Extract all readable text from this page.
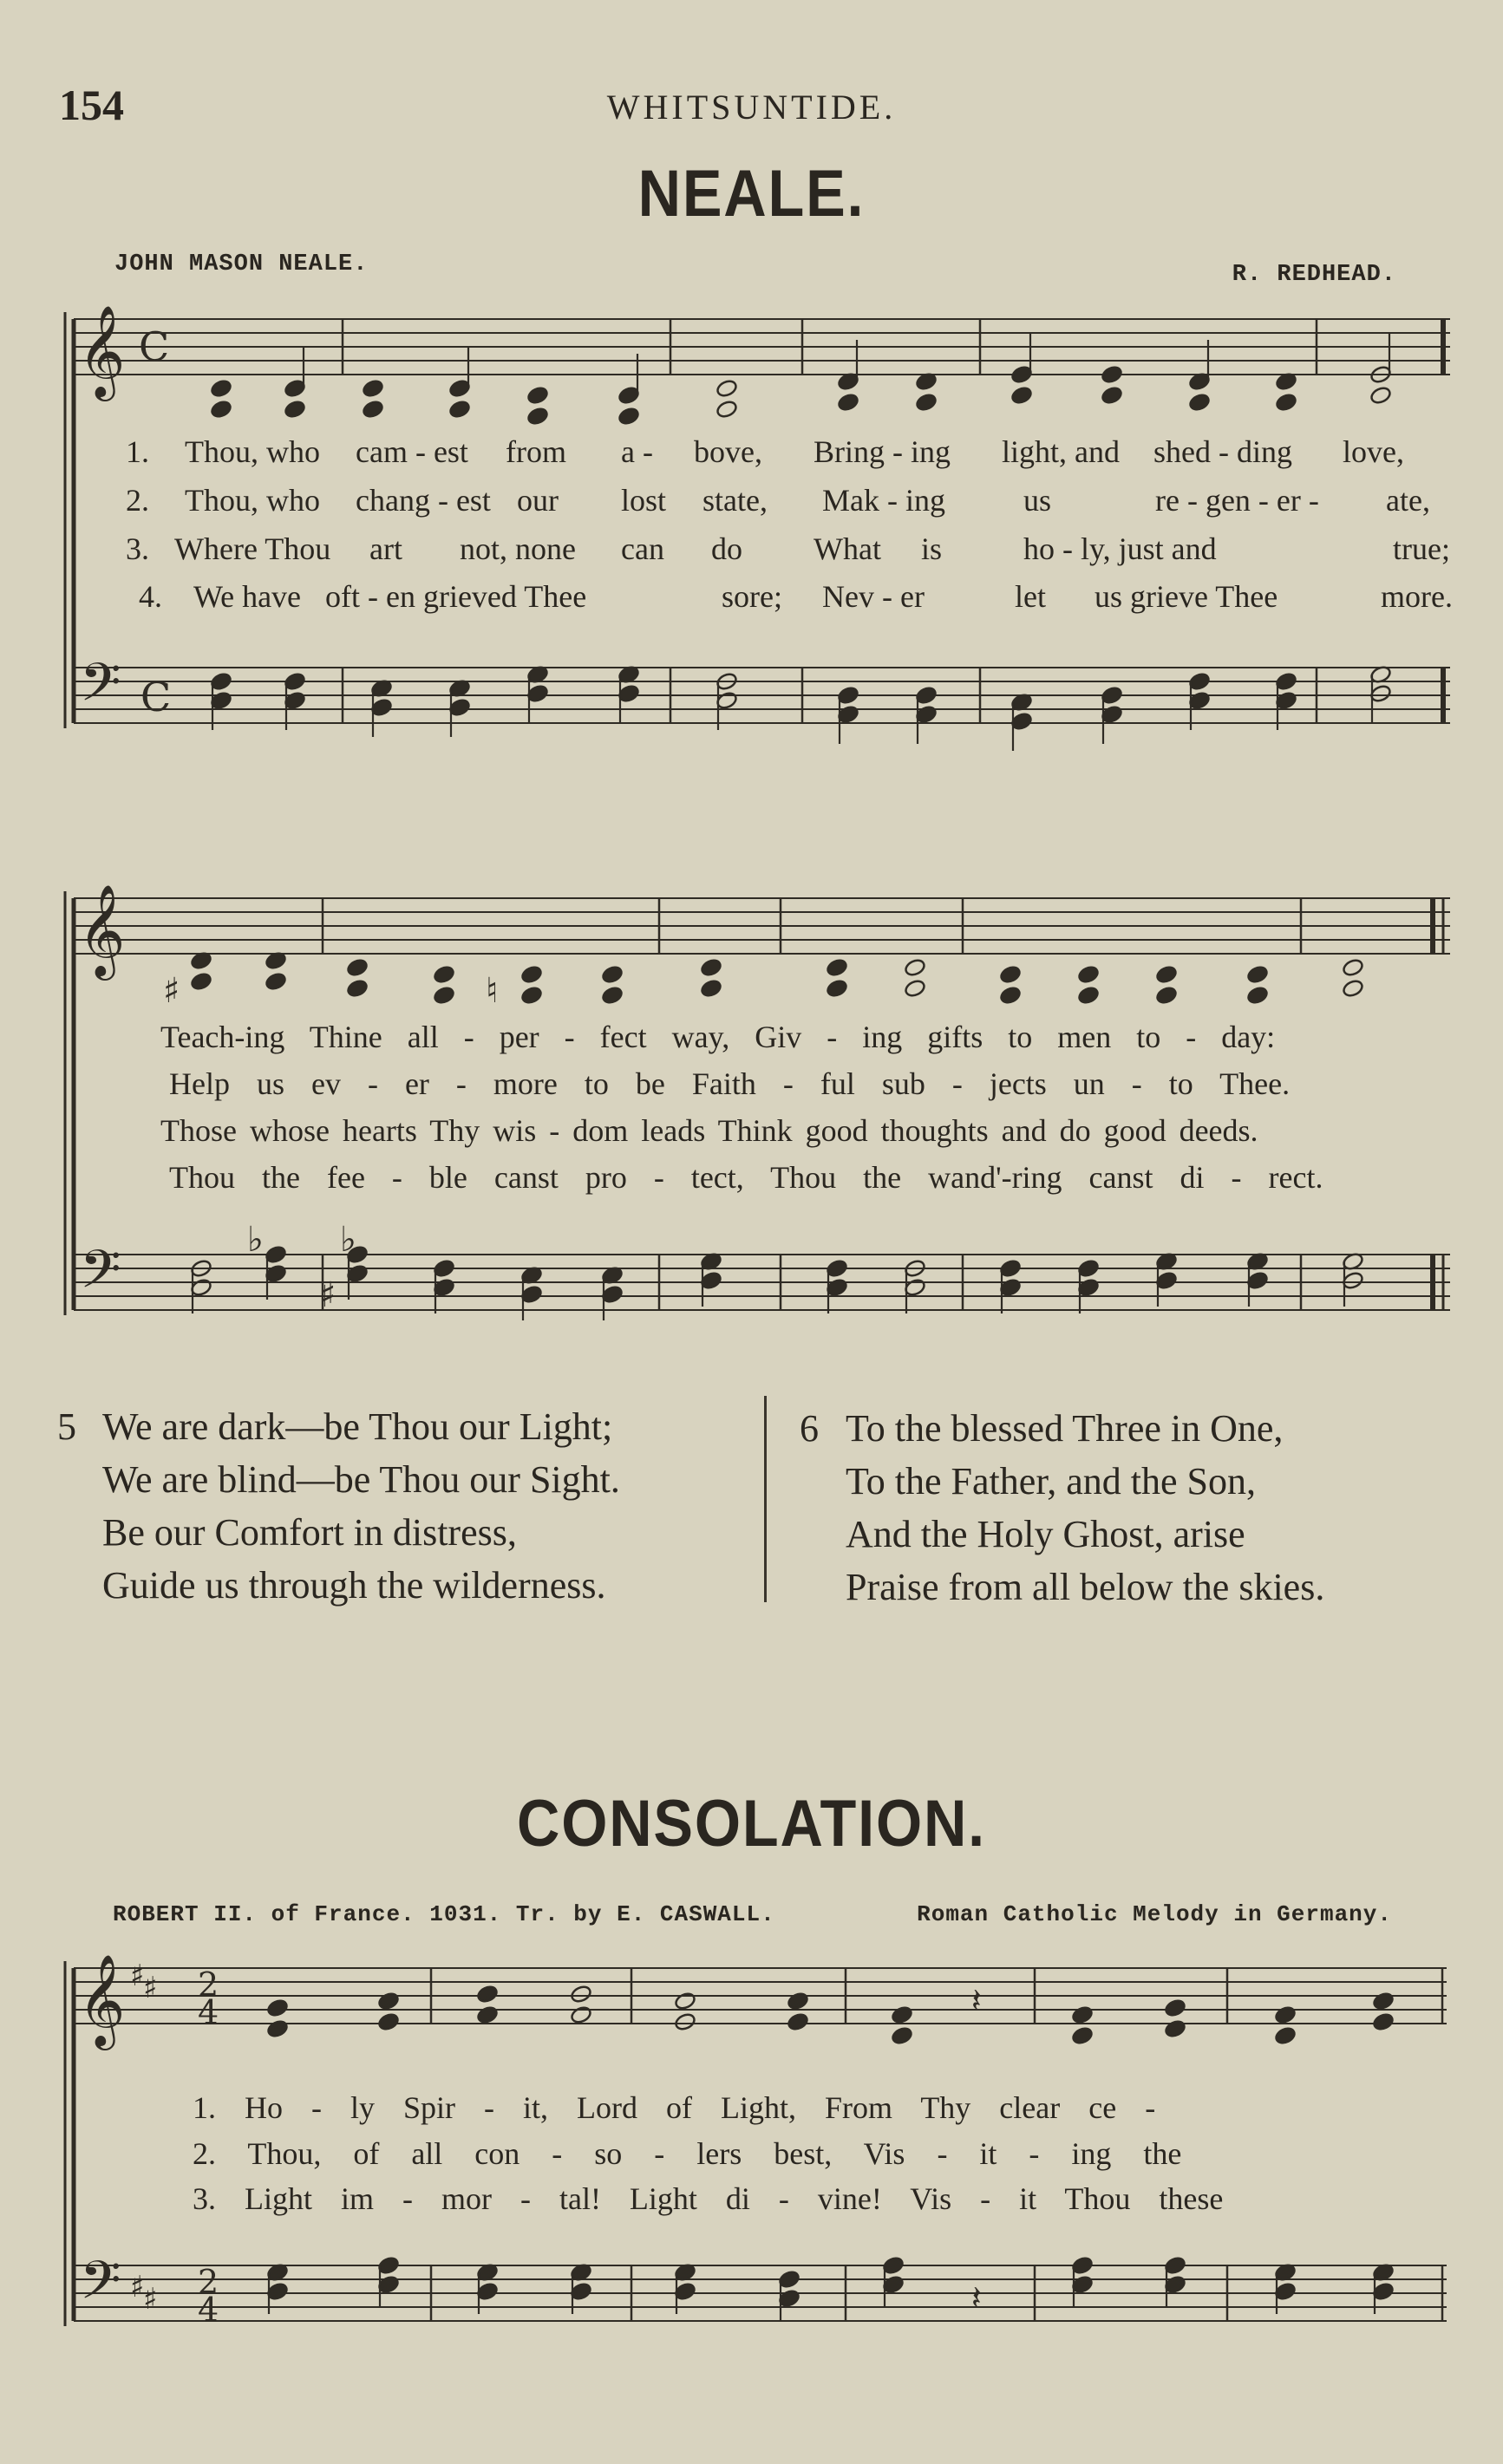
154	WHITSUNTIDE.
NEALE.
JOHN MASON NEALE.	R. REDHEAD.
𝄞
𝄢
C
C
𝄞
𝄢
♯	♮
♭ ♭
♯
𝄞
𝄢
♯
♯
♯
♯
2
4
2
4
𝄽
𝄽
1. Thou, who cam - est from a - bove, Bring - ing light, and shed - ding love,
2. Thou, who chang - est our lost state, Mak - ing	us	re - gen - er - ate,
3. Where Thou art not, none can do What is	ho - ly, just and	true;
4. We have oft - en grieved Thee	sore; Nev - er	let us grieve Thee	more.
Teach-ing Thine all - per - fect way, Giv - ing gifts to men to - day:
Help us ev - er - more to be Faith - ful sub - jects un - to Thee.
Those whose hearts Thy wis - dom leads Think good thoughts and do good deeds.
Thou the fee - ble canst pro - tect, Thou the wand'-ring canst di - rect.
5 We are dark—be Thou our Light;
We are blind—be Thou our Sight.
Be our Comfort in distress,
Guide us through the wilderness.
6 To the blessed Three in One,
To the Father, and the Son,
And the Holy Ghost, arise
Praise from all below the skies.
CONSOLATION.
ROBERT II. of France. 1031. Tr. by E. CASWALL.	Roman Catholic Melody in Germany.
1. Ho - ly Spir - it, Lord of Light, From Thy clear ce -
2. Thou, of all con - so - lers best, Vis - it - ing the
3. Light im - mor - tal! Light di - vine! Vis - it Thou these
